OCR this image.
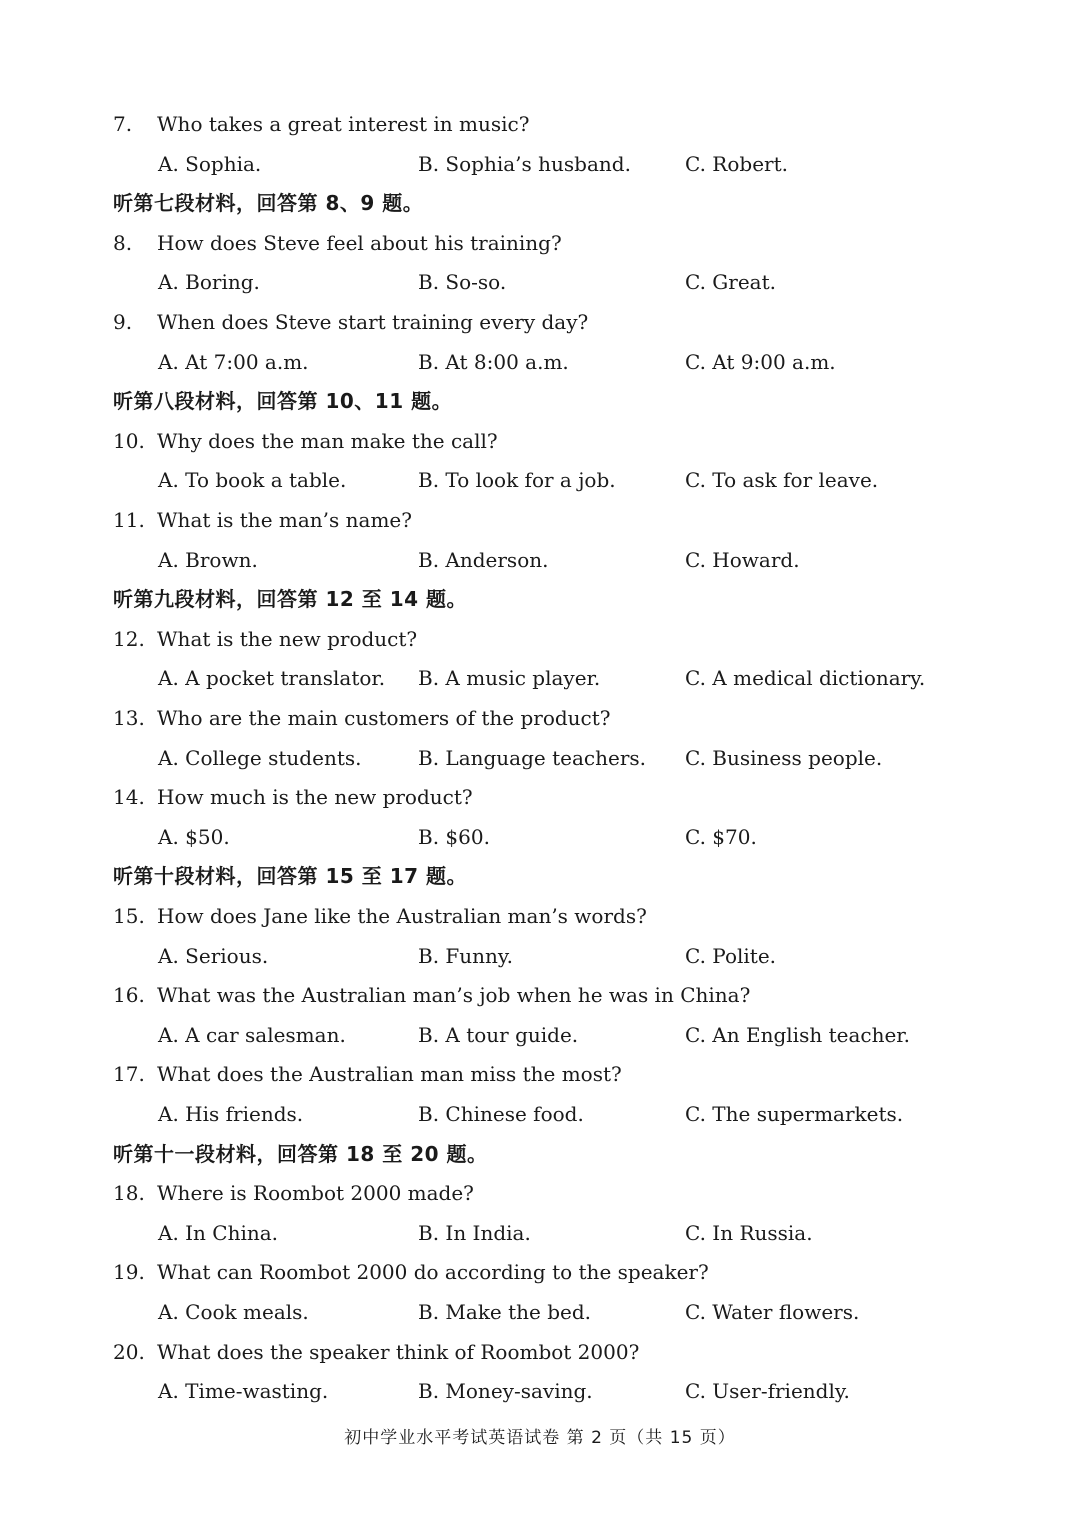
7. Who takes a great interest in music?
A. Sophia.	B. Sophia’s husband.	C. Robert.
听第七段材料，回答第 8、9 题。
8. How does Steve feel about his training?
A. Boring.	B. So-so.	C. Great.
9. When does Steve start training every day?
A. At 7:00 a.m.	B. At 8:00 a.m.	C. At 9:00 a.m.
听第八段材料，回答第 10、11 题。
10. Why does the man make the call?
A. To book a table.	B. To look for a job.	C. To ask for leave.
11. What is the man’s name?
A. Brown.	B. Anderson.	C. Howard.
听第九段材料，回答第 12 至 14 题。
12. What is the new product?
A. A pocket translator. B. A music player.	C. A medical dictionary.
13. Who are the main customers of the product?
A. College students.	B. Language teachers. C. Business people.
14. How much is the new product?
A. $50.	B. $60.	C. $70.
听第十段材料，回答第 15 至 17 题。
15. How does Jane like the Australian man’s words?
A. Serious.	B. Funny.	C. Polite.
16. What was the Australian man’s job when he was in China?
A. A car salesman.	B. A tour guide.	C. An English teacher.
17. What does the Australian man miss the most?
A. His friends.	B. Chinese food.	C. The supermarkets.
听第十一段材料，回答第 18 至 20 题。
18. Where is Roombot 2000 made?
A. In China.	B. In India.	C. In Russia.
19. What can Roombot 2000 do according to the speaker?
A. Cook meals.	B. Make the bed.	C. Water flowers.
20. What does the speaker think of Roombot 2000?
A. Time-wasting.	B. Money-saving.	C. User-friendly.
初中学业水平考试英语试卷 第 2 页（共 15 页）
